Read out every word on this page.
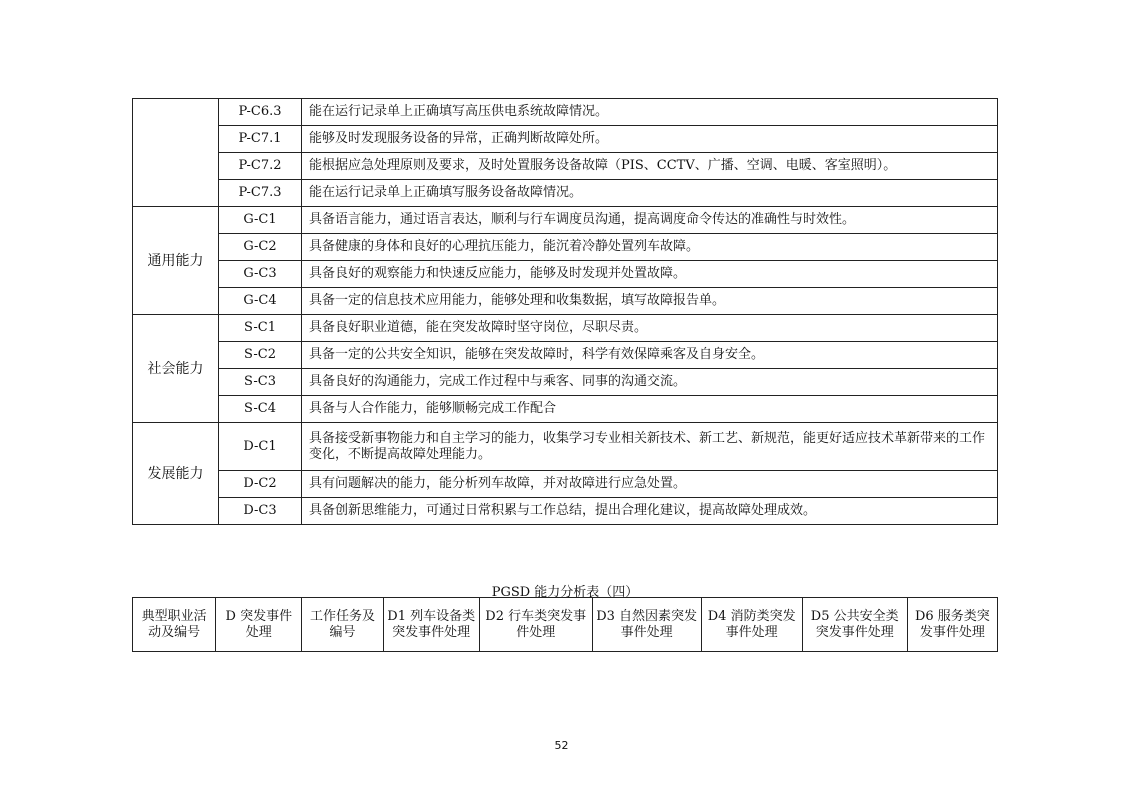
	P-C6.3	能在运行记录单上正确填写高压供电系统故障情况。
	P-C7.1	能够及时发现服务设备的异常，正确判断故障处所。
	P-C7.2	能根据应急处理原则及要求，及时处置服务设备故障（PIS、CCTV、广播、空调、电暖、客室照明）。
	P-C7.3	能在运行记录单上正确填写服务设备故障情况。
通用能力	G-C1	具备语言能力，通过语言表达，顺利与行车调度员沟通，提高调度命令传达的准确性与时效性。
	G-C2	具备健康的身体和良好的心理抗压能力，能沉着冷静处置列车故障。
	G-C3	具备良好的观察能力和快速反应能力，能够及时发现并处置故障。
	G-C4	具备一定的信息技术应用能力，能够处理和收集数据，填写故障报告单。
社会能力	S-C1	具备良好职业道德，能在突发故障时坚守岗位，尽职尽责。
	S-C2	具备一定的公共安全知识，能够在突发故障时，科学有效保障乘客及自身安全。
	S-C3	具备良好的沟通能力，完成工作过程中与乘客、同事的沟通交流。
	S-C4	具备与人合作能力，能够顺畅完成工作配合
发展能力	D-C1	具备接受新事物能力和自主学习的能力，收集学习专业相关新技术、新工艺、新规范，能更好适应技术革新带来的工作变化，不断提高故障处理能力。
	D-C2	具有问题解决的能力，能分析列车故障，并对故障进行应急处置。
	D-C3	具备创新思维能力，可通过日常积累与工作总结，提出合理化建议，提高故障处理成效。
PGSD 能力分析表（四）
典型职业活动及编号	D 突发事件处理	工作任务及编号	D1 列车设备类突发事件处理	D2 行车类突发事件处理	D3 自然因素突发事件处理	D4 消防类突发事件处理	D5 公共安全类突发事件处理	D6 服务类突发事件处理
52
